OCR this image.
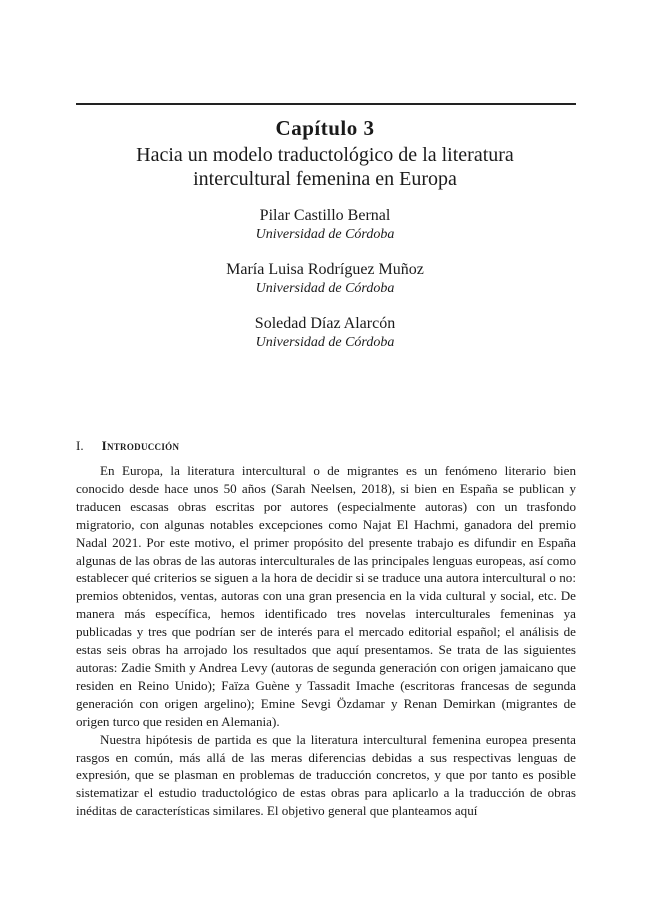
Capítulo 3
Hacia un modelo traductológico de la literatura
intercultural femenina en Europa
Pilar Castillo Bernal
Universidad de Córdoba
María Luisa Rodríguez Muñoz
Universidad de Córdoba
Soledad Díaz Alarcón
Universidad de Córdoba
I. Introducción

En Europa, la literatura intercultural o de migrantes es un fenómeno literario bien conocido desde hace unos 50 años (Sarah Neelsen, 2018), si bien en España se publican y traducen escasas obras escritas por autores (especialmente autoras) con un trasfondo migratorio, con algunas notables excepciones como Najat El Hachmi, ganadora del premio Nadal 2021. Por este motivo, el primer propósito del presente trabajo es difundir en España algunas de las obras de las autoras interculturales de las principales lenguas europeas, así como establecer qué criterios se siguen a la hora de decidir si se traduce una autora intercultural o no: premios obtenidos, ventas, autoras con una gran presencia en la vida cultural y social, etc. De manera más específica, hemos identificado tres novelas interculturales femeninas ya publicadas y tres que podrían ser de interés para el mercado editorial español; el análisis de estas seis obras ha arrojado los resultados que aquí presentamos. Se trata de las siguientes autoras: Zadie Smith y Andrea Levy (autoras de segunda generación con origen jamaicano que residen en Reino Unido); Faïza Guène y Tassadit Imache (escritoras francesas de segunda generación con origen argelino); Emine Sevgi Özdamar y Renan Demirkan (migrantes de origen turco que residen en Alemania).

Nuestra hipótesis de partida es que la literatura intercultural femenina europea presenta rasgos en común, más allá de las meras diferencias debidas a sus respectivas lenguas de expresión, que se plasman en problemas de traducción concretos, y que por tanto es posible sistematizar el estudio traductológico de estas obras para aplicarlo a la traducción de obras inéditas de características similares. El objetivo general que planteamos aquí
